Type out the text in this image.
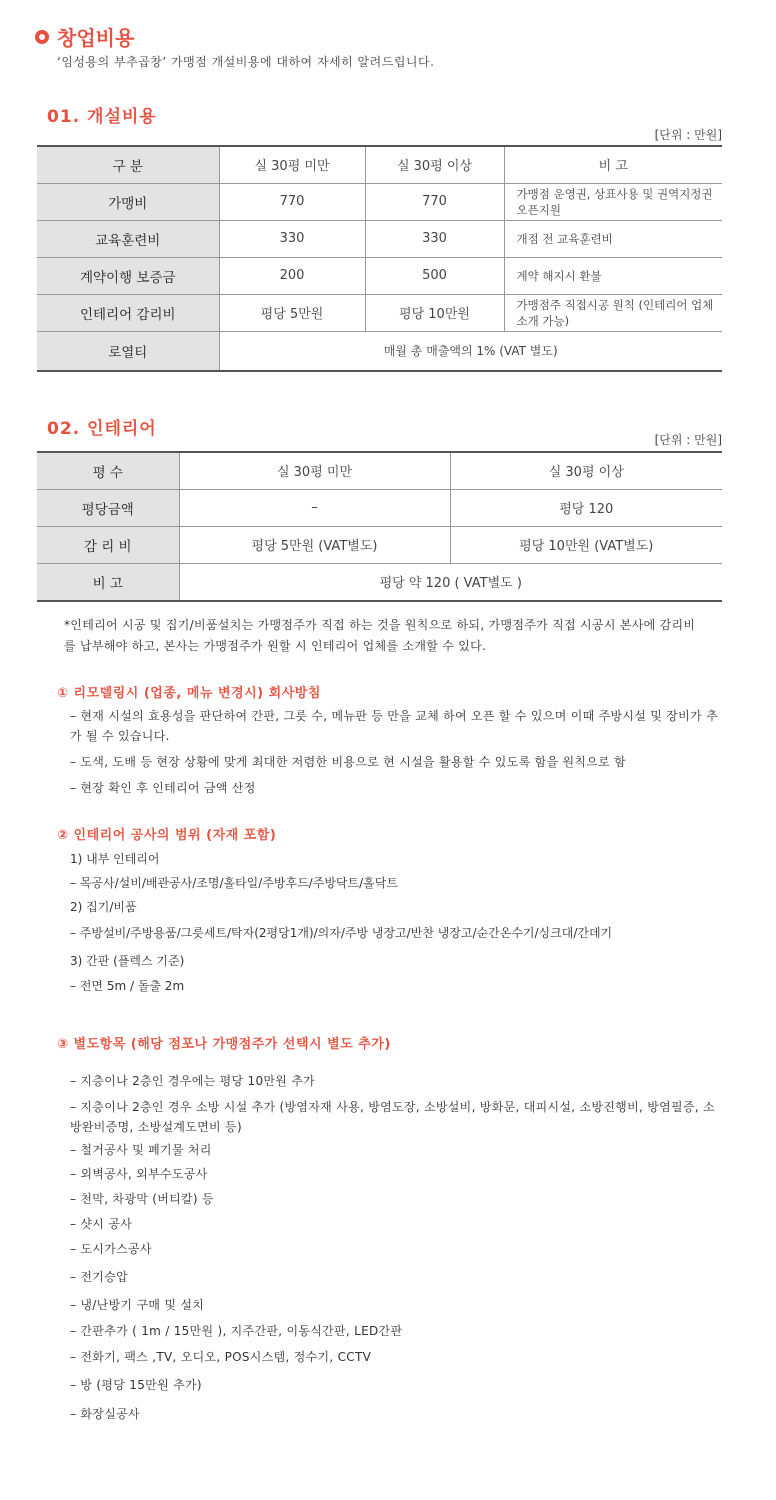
창업비용
‘임성용의 부추곱창’ 가맹점 개설비용에 대하여 자세히 알려드립니다.
01. 개설비용
[단위 : 만원]
구 분	실 30평 미만	실 30평 이상	비 고
가맹비	770	770	가맹점 운영권, 상표사용 및 권역지정권 오픈지원
교육훈련비	330	330	개점 전 교육훈련비
계약이행 보증금	200	500	계약 해지시 환불
인테리어 감리비	평당 5만원	평당 10만원	가맹점주 직접시공 원칙 (인테리어 업체 소개 가능)
로열티	매월 총 매출액의 1% (VAT 별도)		
02. 인테리어
[단위 : 만원]
평 수	실 30평 미만	실 30평 이상
평당금액	–	평당 120
감 리 비	평당 5만원 (VAT별도)	평당 10만원 (VAT별도)
비 고	평당 약 120 ( VAT별도 )	
*인테리어 시공 및 집기/비품설치는 가맹점주가 직접 하는 것을 원칙으로 하되, 가맹점주가 직접 시공시 본사에 감리비를 납부해야 하고, 본사는 가맹점주가 원할 시 인테리어 업체를 소개할 수 있다.
① 리모델링시 (업종, 메뉴 변경시) 회사방침
– 현재 시설의 효용성을 판단하여 간판, 그릇 수, 메뉴판 등 만을 교체 하여 오픈 할 수 있으며 이때 주방시설 및 장비가 추가 될 수 있습니다.
– 도색, 도배 등 현장 상황에 맞게 최대한 저렴한 비용으로 현 시설을 활용할 수 있도록 함을 원칙으로 함
– 현장 확인 후 인테리어 금액 산정
② 인테리어 공사의 범위 (자재 포함)
1) 내부 인테리어
– 목공사/설비/배관공사/조명/홀타일/주방후드/주방닥트/홀닥트
2) 집기/비품
– 주방설비/주방용품/그릇세트/탁자(2평당1개)/의자/주방 냉장고/반찬 냉장고/순간온수기/싱크대/간데기
3) 간판 (플렉스 기준)
– 전면 5m / 돌출 2m
③ 별도항목 (해당 점포나 가맹점주가 선택시 별도 추가)
– 지층이나 2층인 경우에는 평당 10만원 추가
– 지층이나 2층인 경우 소방 시설 추가 (방염자재 사용, 방염도장, 소방설비, 방화문, 대피시설, 소방진행비, 방염필증, 소방완비증명, 소방설계도면비 등)
– 철거공사 및 폐기물 처리
– 외벽공사, 외부수도공사
– 천막, 차광막 (버티칼) 등
– 샷시 공사
– 도시가스공사
– 전기승압
– 냉/난방기 구매 및 설치
– 간판추가 ( 1m / 15만원 ), 지주간판, 이동식간판, LED간판
– 전화기, 팩스 ,TV, 오디오, POS시스템, 정수기, CCTV
– 방 (평당 15만원 추가)
– 화장실공사
